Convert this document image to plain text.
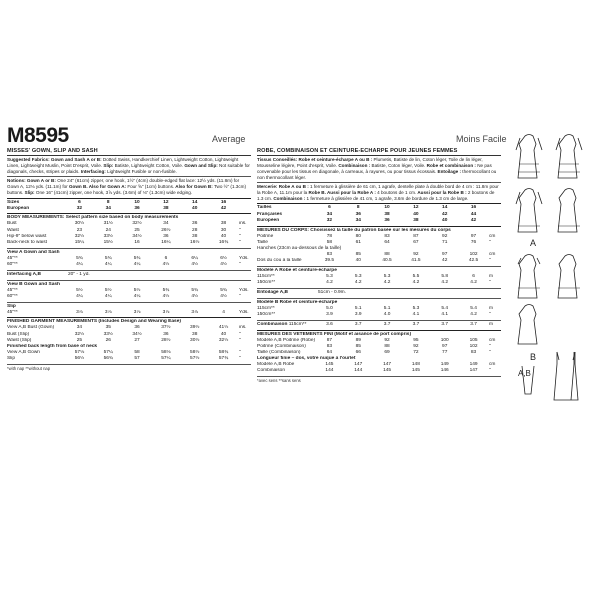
M8595	Average	Moins Facile
MISSES' GOWN, SLIP AND SASH

Suggested Fabrics: Gown and Sash A or B: Dotted Swiss, Handkerchief Linen, Lightweight Cotton, Lightweight Linen, Lightweight Muslin, Point D'esprit, Voile. Slip: Batiste, Lightweight Cotton, Voile. Gown and Slip: Not suitable for diagonals, checks, stripes or plaids. Interfacing: Lightweight Fusible or non-fusible.

Notions: Gown A or B: One 24" (61cm) zipper, one hook, 1½" (4cm) double-edged flat lace: 12½ yds. (11.8m) for Gown A, 12⅛ yds. (11.1m) for Gown B. Also for Gown A: Four ⅝" (1cm) buttons. Also for Gown B: Two ½" (1.3cm) buttons. Slip: One 16" (41cm) zipper, one hook, 3⅞ yds. (3.6m) of ⅛" (1.3cm) wide edging.

Sizes	6	8	10	12	14	16	
European	32	34	36	38	40	42	
BODY MEASUREMENTS: Select pattern size based on body measurements
Bust	30½	31½	32½	34	36	38	ins.
Waist	23	24	25	26½	28	30	"
Hip-9" below waist	32½	33½	34½	36	38	40	"
Back-neck to waist	15¼	15½	16	16¼	16½	16¾	"
View A Gown and Sash
45"**	5¾	5¾	5¾	6	6¼	6½	Yds.
60"**	4¼	4¼	4¼	4½	4½	4½	"
Interfacing A,B	20" - 1 yd.
View B Gown and Sash
45"**	5½	5½	5½	5¾	5¾	5¾	Yds.
60"**	4¼	4¼	4¼	4½	4½	4½	"
Slip
45"**	3⅞	3⅞	3⅞	3⅞	3⅞	4	Yds.
FINISHED GARMENT MEASUREMENTS (Includes Design and Wearing Ease)
View A,B Bust (Gown)	34	35	36	37½	39½	41½	ins.
Bust (Slip)	32½	33½	34½	36	38	40	"
Waist (Slip)	25	26	27	28½	30½	32½	"
Finished back length from base of neck
View A,B Gown	57⅛	57¼	58	58⅛	58½	58¾	"
Slip	56½	56¾	57	57¼	57½	57¾	"
*with nap **without nap
ROBE, COMBINAISON ET CEINTURE-ÉCHARPE POUR JEUNES FEMMES

Tissus Conseillés: Robe et ceinture-écharpe A ou B : Plumetis, Batiste de lin, Coton léger, Toile de lin léger, Mousseline légère, Point d'esprit, Voile. Combinaison : Batiste, Coton léger, Voile. Robe et combinaison : Ne pas convenable pour les tissus en diagonale, à carreaux, à rayures, ou pour tissus écossais. Entoilage : thermocollant ou non thermocollant léger.

Mercerie: Robe A ou B : 1 fermeture à glissière de 61 cm, 1 agrafe, dentelle plate à double bord de 4 cm : 11.8m pour la Robe A, 11.1m pour la Robe B. Aussi pour la Robe A : 4 boutons de 1 cm. Aussi pour la Robe B : 2 boutons de 1.3 cm. Combinaison : 1 fermeture à glissière de 41 cm, 1 agrafe, 3.6m de bordure de 1.3 cm de large.

Tailles	6	8	10	12	14	16	
Françaises	34	36	38	40	42	44	
Européen	32	34	36	38	40	42	
MESURES DU CORPS: Choisissez la taille du patron basée sur les mesures du corps
Poitrine	78	80	83	87	92	97	cm
Taille	58	61	64	67	71	76	"
Hanches (23cm au-dessous de la taille)							
	83	85	88	92	97	102	cm
Dos du cou à la taille	39.5	40	40.5	41.5	42	42.5	"
Modèle A Robe et ceinture-écharpe
115cm**	5.3	5.3	5.3	5.5	5.8	6	m
150cm**	4.2	4.2	4.2	4.2	4.2	4.2	"
Entoilage A,B	51cm - 0.9m.
Modèle B Robe et ceinture-écharpe
115cm**	5.0	5.1	5.1	5.3	5.4	5.4	m
150cm**	3.9	3.9	4.0	4.1	4.1	4.2	"
Combinaison 115cm**	3.6	3.7	3.7	3.7	3.7	3.7	m
MESURES DES VÊTEMENTS FINI (Motif et aisance de port compris)
Modèle A,B Poitrine (Robe)	87	89	92	95	100	105	cm
Poitrine (Combinaison)	83	85	88	92	97	102	"
Taille (Combinaison)	64	66	69	72	77	83	"
Longueur finie – dos, votre nuque à l'ourlet
Modèle A,B Robe	145	147	147	148	149	149	cm
Combinaison	144	144	145	145	146	147	"
*avec sens **sans sens
A
B
A,B
